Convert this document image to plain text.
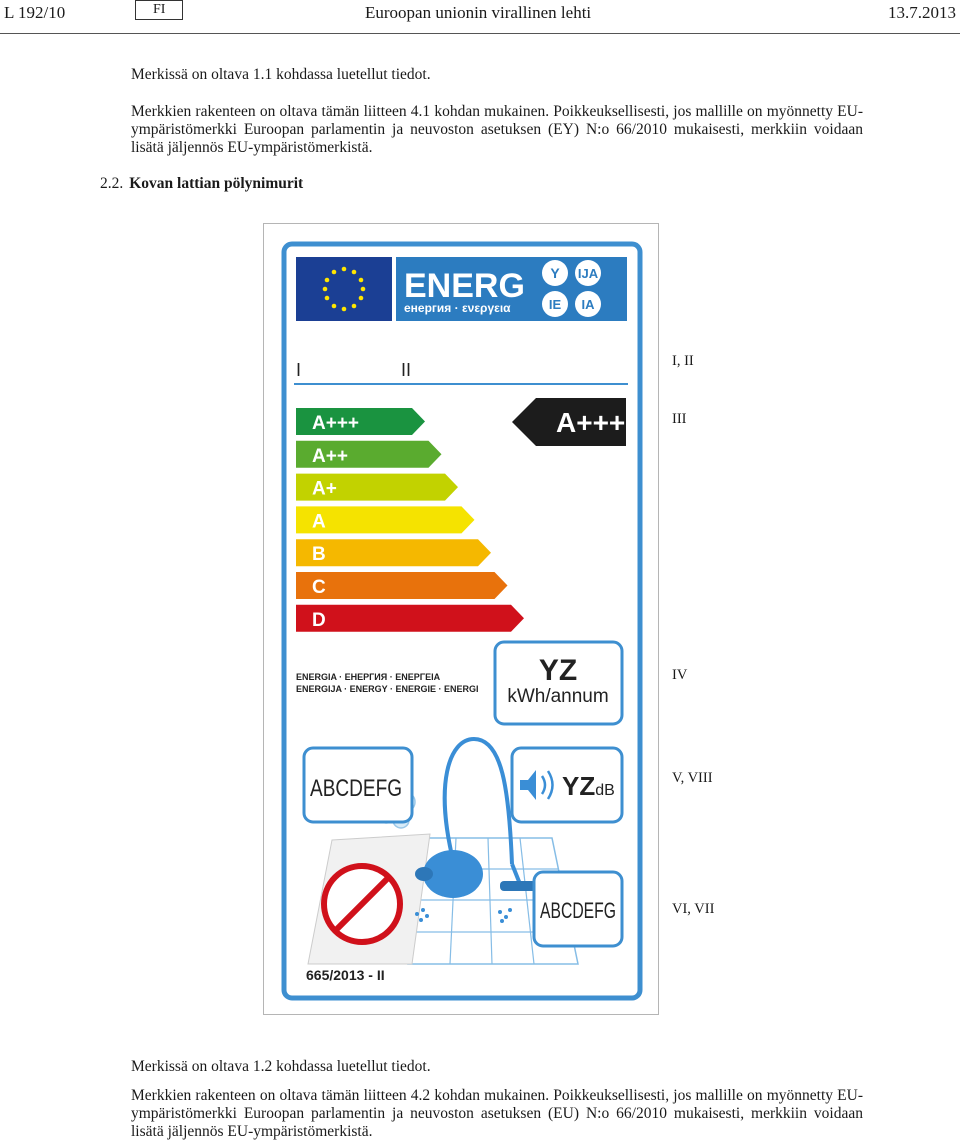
L 192/10	FI	Euroopan unionin virallinen lehti	13.7.2013
Merkissä on oltava 1.1 kohdassa luetellut tiedot.
Merkkien rakenteen on oltava tämän liitteen 4.1 kohdan mukainen. Poikkeuksellisesti, jos mallille on myönnetty EU-ympäristömerkki Euroopan parlamentin ja neuvoston asetuksen (EY) N:o 66/2010 mukaisesti, merkkiin voidaan lisätä jäljennös EU-ympäristömerkistä.
2.2. Kovan lattian pölynimurit
ENERG
енергия · ενεργεια
Y IJA
IE IA
I	II
A+++
A++
A+
A
B
C
D
A+++
ENERGIA · ЕНЕРГИЯ · ΕΝΕΡΓΕΙΑ
ENERGIJA · ENERGY · ENERGIE · ENERGI
YZ
kWh/annum
ABCDEFG	YZdB
ABCDEFG
665/2013 - II
I, II
III
IV
V, VIII
VI, VII
Merkissä on oltava 1.2 kohdassa luetellut tiedot.
Merkkien rakenteen on oltava tämän liitteen 4.2 kohdan mukainen. Poikkeuksellisesti, jos mallille on myönnetty EU-ympäristömerkki Euroopan parlamentin ja neuvoston asetuksen (EU) N:o 66/2010 mukaisesti, merkkiin voidaan lisätä jäljennös EU-ympäristömerkistä.
